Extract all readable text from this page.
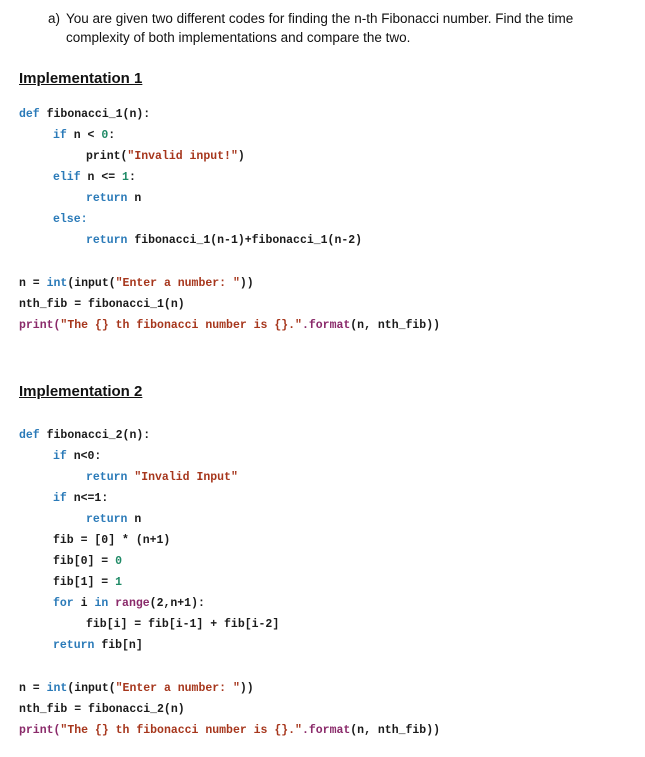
a) You are given two different codes for finding the n-th Fibonacci number. Find the time complexity of both implementations and compare the two.
Implementation 1
def fibonacci_1(n):
if n < 0:
print("Invalid input!")
elif n <= 1:
return n
else:
return fibonacci_1(n-1)+fibonacci_1(n-2)
n = int(input("Enter a number: "))
nth_fib = fibonacci_1(n)
print("The {} th fibonacci number is {}.".format(n, nth_fib))
Implementation 2
def fibonacci_2(n):
if n<0:
return "Invalid Input"
if n<=1:
return n
fib = [0] * (n+1)
fib[0] = 0
fib[1] = 1
for i in range(2,n+1):
fib[i] = fib[i-1] + fib[i-2]
return fib[n]
n = int(input("Enter a number: "))
nth_fib = fibonacci_2(n)
print("The {} th fibonacci number is {}.".format(n, nth_fib))
